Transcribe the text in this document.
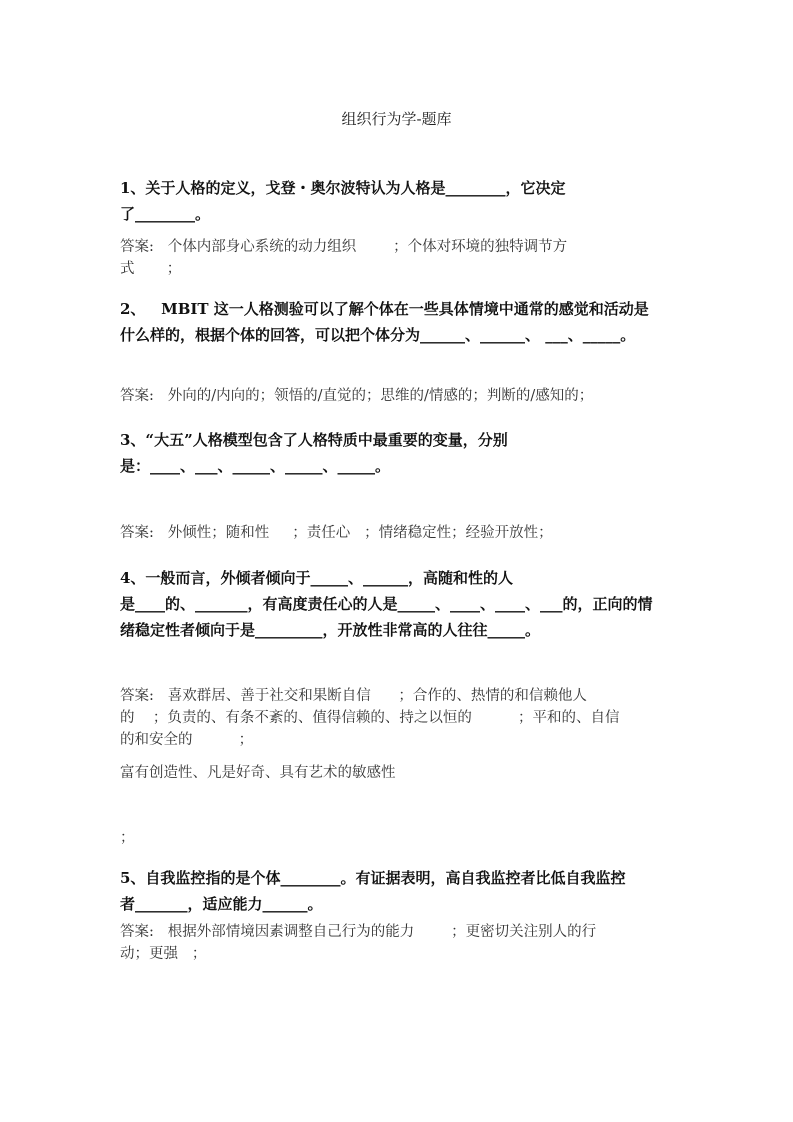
组织行为学-题库
1、关于人格的定义，戈登・奥尔波特认为人格是________，它决定
了________。
答案:   个体内部身心系统的动力组织        ；个体对环境的独特调节方
式       ；
2、   MBIT 这一人格测验可以了解个体在一些具体情境中通常的感觉和活动是
什么样的，根据个体的回答，可以把个体分为______、______、 ___、_____。
答案:   外向的/内向的；领悟的/直觉的；思维的/情感的；判断的/感知的；
3、“大五”人格模型包含了人格特质中最重要的变量，分别
是：____、___、_____、_____、_____。
答案:   外倾性；随和性     ；责任心   ；情绪稳定性；经验开放性；
4、一般而言，外倾者倾向于_____、______，高随和性的人
是____的、_______，有高度责任心的人是_____、____、____、___的，正向的情
绪稳定性者倾向于是_________，开放性非常高的人往往_____。
答案:   喜欢群居、善于社交和果断自信      ；合作的、热情的和信赖他人
的    ；负责的、有条不紊的、值得信赖的、持之以恒的          ；平和的、自信
的和安全的          ；
富有创造性、凡是好奇、具有艺术的敏感性
；
5、自我监控指的是个体________。有证据表明，高自我监控者比低自我监控
者_______，适应能力______。
答案:   根据外部情境因素调整自己行为的能力        ；更密切关注别人的行
动；更强   ；
